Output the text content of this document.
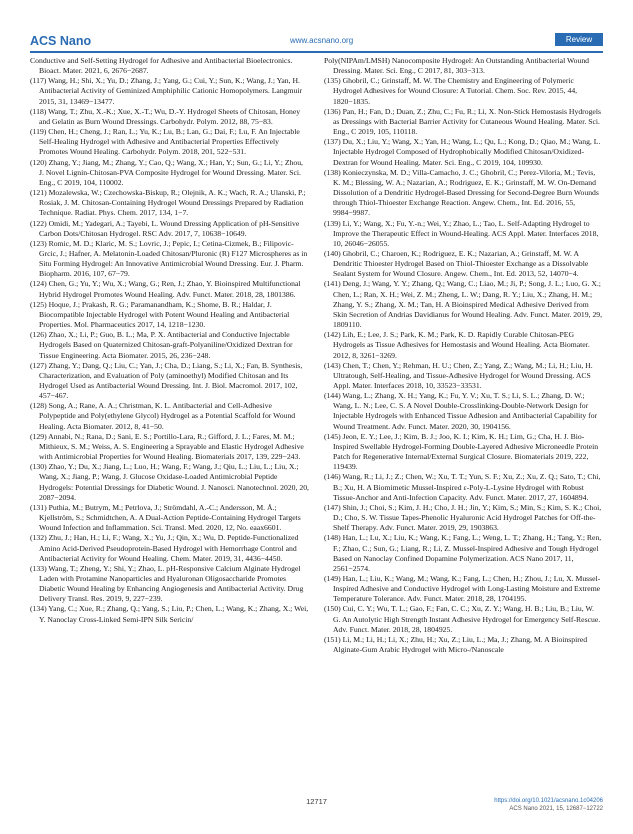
ACS Nano	www.acsnano.org	Review

Conductive and Self-Setting Hydrogel for Adhesive and Antibacterial Bioelectronics. Bioact. Mater. 2021, 6, 2676−2687.

(117) Wang, H.; Shi, X.; Yu, D.; Zhang, J.; Yang, G.; Cui, Y.; Sun, K.; Wang, J.; Yan, H. Antibacterial Activity of Geminized Amphiphilic Cationic Homopolymers. Langmuir 2015, 31, 13469−13477.

(118) Wang, T.; Zhu, X.-K.; Xue, X.-T.; Wu, D.-Y. Hydrogel Sheets of Chitosan, Honey and Gelatin as Burn Wound Dressings. Carbohydr. Polym. 2012, 88, 75−83.

(119) Chen, H.; Cheng, J.; Ran, L.; Yu, K.; Lu, B.; Lan, G.; Dai, F.; Lu, F. An Injectable Self-Healing Hydrogel with Adhesive and Antibacterial Properties Effectively Promotes Wound Healing. Carbohydr. Polym. 2018, 201, 522−531.

(120) Zhang, Y.; Jiang, M.; Zhang, Y.; Cao, Q.; Wang, X.; Han, Y.; Sun, G.; Li, Y.; Zhou, J. Novel Lignin-Chitosan-PVA Composite Hydrogel for Wound Dressing. Mater. Sci. Eng., C 2019, 104, 110002.

(121) Mozalewska, W.; Czechowska-Biskup, R.; Olejnik, A. K.; Wach, R. A.; Ulanski, P.; Rosiak, J. M. Chitosan-Containing Hydrogel Wound Dressings Prepared by Radiation Technique. Radiat. Phys. Chem. 2017, 134, 1−7.

(122) Omidi, M.; Yadegari, A.; Tayebi, L. Wound Dressing Application of pH-Sensitive Carbon Dots/Chitosan Hydrogel. RSC Adv. 2017, 7, 10638−10649.

(123) Romic, M. D.; Klaric, M. S.; Lovric, J.; Pepic, I.; Cetina-Cizmek, B.; Filipovic-Grcic, J.; Hafner, A. Melatonin-Loaded Chitosan/Pluronic (R) F127 Microspheres as in Situ Forming Hydrogel: An Innovative Antimicrobial Wound Dressing. Eur. J. Pharm. Biopharm. 2016, 107, 67−79.

(124) Chen, G.; Yu, Y.; Wu, X.; Wang, G.; Ren, J.; Zhao, Y. Bioinspired Multifunctional Hybrid Hydrogel Promotes Wound Healing. Adv. Funct. Mater. 2018, 28, 1801386.

(125) Hoque, J.; Prakash, R. G.; Paramanandham, K.; Shome, B. R.; Haldar, J. Biocompatible Injectable Hydrogel with Potent Wound Healing and Antibacterial Properties. Mol. Pharmaceutics 2017, 14, 1218−1230.

(126) Zhao, X.; Li, P.; Guo, B. L.; Ma, P. X. Antibacterial and Conductive Injectable Hydrogels Based on Quaternized Chitosan-graft-Polyaniline/Oxidized Dextran for Tissue Engineering. Acta Biomater. 2015, 26, 236−248.

(127) Zhang, Y.; Dang, Q.; Liu, C.; Yan, J.; Cha, D.; Liang, S.; Li, X.; Fan, B. Synthesis, Characterization, and Evaluation of Poly (aminoethyl) Modified Chitosan and Its Hydrogel Used as Antibacterial Wound Dressing. Int. J. Biol. Macromol. 2017, 102, 457−467.

(128) Song, A.; Rane, A. A.; Christman, K. L. Antibacterial and Cell-Adhesive Polypeptide and Poly(ethylene Glycol) Hydrogel as a Potential Scaffold for Wound Healing. Acta Biomater. 2012, 8, 41−50.

(129) Annabi, N.; Rana, D.; Sani, E. S.; Portillo-Lara, R.; Gifford, J. L.; Fares, M. M.; Mithieux, S. M.; Weiss, A. S. Engineering a Sprayable and Elastic Hydrogel Adhesive with Antimicrobial Properties for Wound Healing. Biomaterials 2017, 139, 229−243.

(130) Zhao, Y.; Du, X.; Jiang, L.; Luo, H.; Wang, F.; Wang, J.; Qiu, L.; Liu, L.; Liu, X.; Wang, X.; Jiang, P.; Wang, J. Glucose Oxidase-Loaded Antimicrobial Peptide Hydrogels: Potential Dressings for Diabetic Wound. J. Nanosci. Nanotechnol. 2020, 20, 2087−2094.

(131) Puthia, M.; Butrym, M.; Petrlova, J.; Strömdahl, A.-C.; Andersson, M. Å.; Kjellström, S.; Schmidtchen, A. A Dual-Action Peptide-Containing Hydrogel Targets Wound Infection and Inflammation. Sci. Transl. Med. 2020, 12, No. eaax6601.

(132) Zhu, J.; Han, H.; Li, F.; Wang, X.; Yu, J.; Qin, X.; Wu, D. Peptide-Functionalized Amino Acid-Derived Pseudoprotein-Based Hydrogel with Hemorrhage Control and Antibacterial Activity for Wound Healing. Chem. Mater. 2019, 31, 4436−4450.

(133) Wang, T.; Zheng, Y.; Shi, Y.; Zhao, L. pH-Responsive Calcium Alginate Hydrogel Laden with Protamine Nanoparticles and Hyaluronan Oligosaccharide Promotes Diabetic Wound Healing by Enhancing Angiogenesis and Antibacterial Activity. Drug Delivery Transl. Res. 2019, 9, 227−239.

(134) Yang, C.; Xue, R.; Zhang, Q.; Yang, S.; Liu, P.; Chen, L.; Wang, K.; Zhang, X.; Wei, Y. Nanoclay Cross-Linked Semi-IPN Silk Sericin/

Poly(NIPAm/LMSH) Nanocomposite Hydrogel: An Outstanding Antibacterial Wound Dressing. Mater. Sci. Eng., C 2017, 81, 303−313.

(135) Ghobril, C.; Grinstaff, M. W. The Chemistry and Engineering of Polymeric Hydrogel Adhesives for Wound Closure: A Tutorial. Chem. Soc. Rev. 2015, 44, 1820−1835.

(136) Pan, H.; Fan, D.; Duan, Z.; Zhu, C.; Fu, R.; Li, X. Non-Stick Hemostasis Hydrogels as Dressings with Bacterial Barrier Activity for Cutaneous Wound Healing. Mater. Sci. Eng., C 2019, 105, 110118.

(137) Du, X.; Liu, Y.; Wang, X.; Yan, H.; Wang, L.; Qu, L.; Kong, D.; Qiao, M.; Wang, L. Injectable Hydrogel Composed of Hydrophobically Modified Chitosan/Oxidized-Dextran for Wound Healing. Mater. Sci. Eng., C 2019, 104, 109930.

(138) Konieczynska, M. D.; Villa-Camacho, J. C.; Ghobril, C.; Perez-Viloria, M.; Tevis, K. M.; Blessing, W. A.; Nazarian, A.; Rodriguez, E. K.; Grinstaff, M. W. On-Demand Dissolution of a Dendritic Hydrogel-Based Dressing for Second-Degree Burn Wounds through Thiol-Thioester Exchange Reaction. Angew. Chem., Int. Ed. 2016, 55, 9984−9987.

(139) Li, Y.; Wang, X.; Fu, Y.-n.; Wei, Y.; Zhao, L.; Tao, L. Self-Adapting Hydrogel to Improve the Therapeutic Effect in Wound-Healing. ACS Appl. Mater. Interfaces 2018, 10, 26046−26055.

(140) Ghobril, C.; Charoen, K.; Rodriguez, E. K.; Nazarian, A.; Grinstaff, M. W. A Dendritic Thioester Hydrogel Based on Thiol-Thioester Exchange as a Dissolvable Sealant System for Wound Closure. Angew. Chem., Int. Ed. 2013, 52, 14070−4.

(141) Deng, J.; Wang, Y. Y.; Zhang, Q.; Wang, C.; Liao, M.; Ji, P.; Song, J. L.; Luo, G. X.; Chen, L.; Ran, X. H.; Wei, Z. M.; Zheng, L. W.; Dang, R. Y.; Liu, X.; Zhang, H. M.; Zhang, Y. S.; Zhang, X. M.; Tan, H. A Bioinspired Medical Adhesive Derived from Skin Secretion of Andrias Davidianus for Wound Healing. Adv. Funct. Mater. 2019, 29, 1809110.

(142) Lih, E.; Lee, J. S.; Park, K. M.; Park, K. D. Rapidly Curable Chitosan-PEG Hydrogels as Tissue Adhesives for Hemostasis and Wound Healing. Acta Biomater. 2012, 8, 3261−3269.

(143) Chen, T.; Chen, Y.; Rehman, H. U.; Chen, Z.; Yang, Z.; Wang, M.; Li, H.; Liu, H. Ultratough, Self-Healing, and Tissue-Adhesive Hydrogel for Wound Dressing. ACS Appl. Mater. Interfaces 2018, 10, 33523−33531.

(144) Wang, L.; Zhang, X. H.; Yang, K.; Fu, Y. V.; Xu, T. S.; Li, S. L.; Zhang, D. W.; Wang, L. N.; Lee, C. S. A Novel Double-Crosslinking-Double-Network Design for Injectable Hydrogels with Enhanced Tissue Adhesion and Antibacterial Capability for Wound Treatment. Adv. Funct. Mater. 2020, 30, 1904156.

(145) Jeon, E. Y.; Lee, J.; Kim, B. J.; Joo, K. I.; Kim, K. H.; Lim, G.; Cha, H. J. Bio-Inspired Swellable Hydrogel-Forming Double-Layered Adhesive Microneedle Protein Patch for Regenerative Internal/External Surgical Closure. Biomaterials 2019, 222, 119439.

(146) Wang, R.; Li, J.; Z.; Chen, W.; Xu, T. T.; Yun, S. F.; Xu, Z.; Xu, Z. Q.; Sato, T.; Chi, B.; Xu, H. A Biomimetic Mussel-Inspired ε-Poly-L-Lysine Hydrogel with Robust Tissue-Anchor and Anti-Infection Capacity. Adv. Funct. Mater. 2017, 27, 1604894.

(147) Shin, J.; Choi, S.; Kim, J. H.; Cho, J. H.; Jin, Y.; Kim, S.; Min, S.; Kim, S. K.; Choi, D.; Cho, S. W. Tissue Tapes-Phenolic Hyaluronic Acid Hydrogel Patches for Off-the-Shelf Therapy. Adv. Funct. Mater. 2019, 29, 1903863.

(148) Han, L.; Lu, X.; Liu, K.; Wang, K.; Fang, L.; Weng, L. T.; Zhang, H.; Tang, Y.; Ren, F.; Zhao, C.; Sun, G.; Liang, R.; Li, Z. Mussel-Inspired Adhesive and Tough Hydrogel Based on Nanoclay Confined Dopamine Polymerization. ACS Nano 2017, 11, 2561−2574.

(149) Han, L.; Liu, K.; Wang, M.; Wang, K.; Fang, L.; Chen, H.; Zhou, J.; Lu, X. Mussel-Inspired Adhesive and Conductive Hydrogel with Long-Lasting Moisture and Extreme Temperature Tolerance. Adv. Funct. Mater. 2018, 28, 1704195.

(150) Cui, C. Y.; Wu, T. L.; Gao, F.; Fan, C. C.; Xu, Z. Y.; Wang, H. B.; Liu, B.; Liu, W. G. An Autolytic High Strength Instant Adhesive Hydrogel for Emergency Self-Rescue. Adv. Funct. Mater. 2018, 28, 1804925.

(151) Li, M.; Li, H.; Li, X.; Zhu, H.; Xu, Z.; Liu, L.; Ma, J.; Zhang, M. A Bioinspired Alginate-Gum Arabic Hydrogel with Micro-/Nanoscale

12717	https://doi.org/10.1021/acsnano.1c04206
ACS Nano 2021, 15, 12687−12722
